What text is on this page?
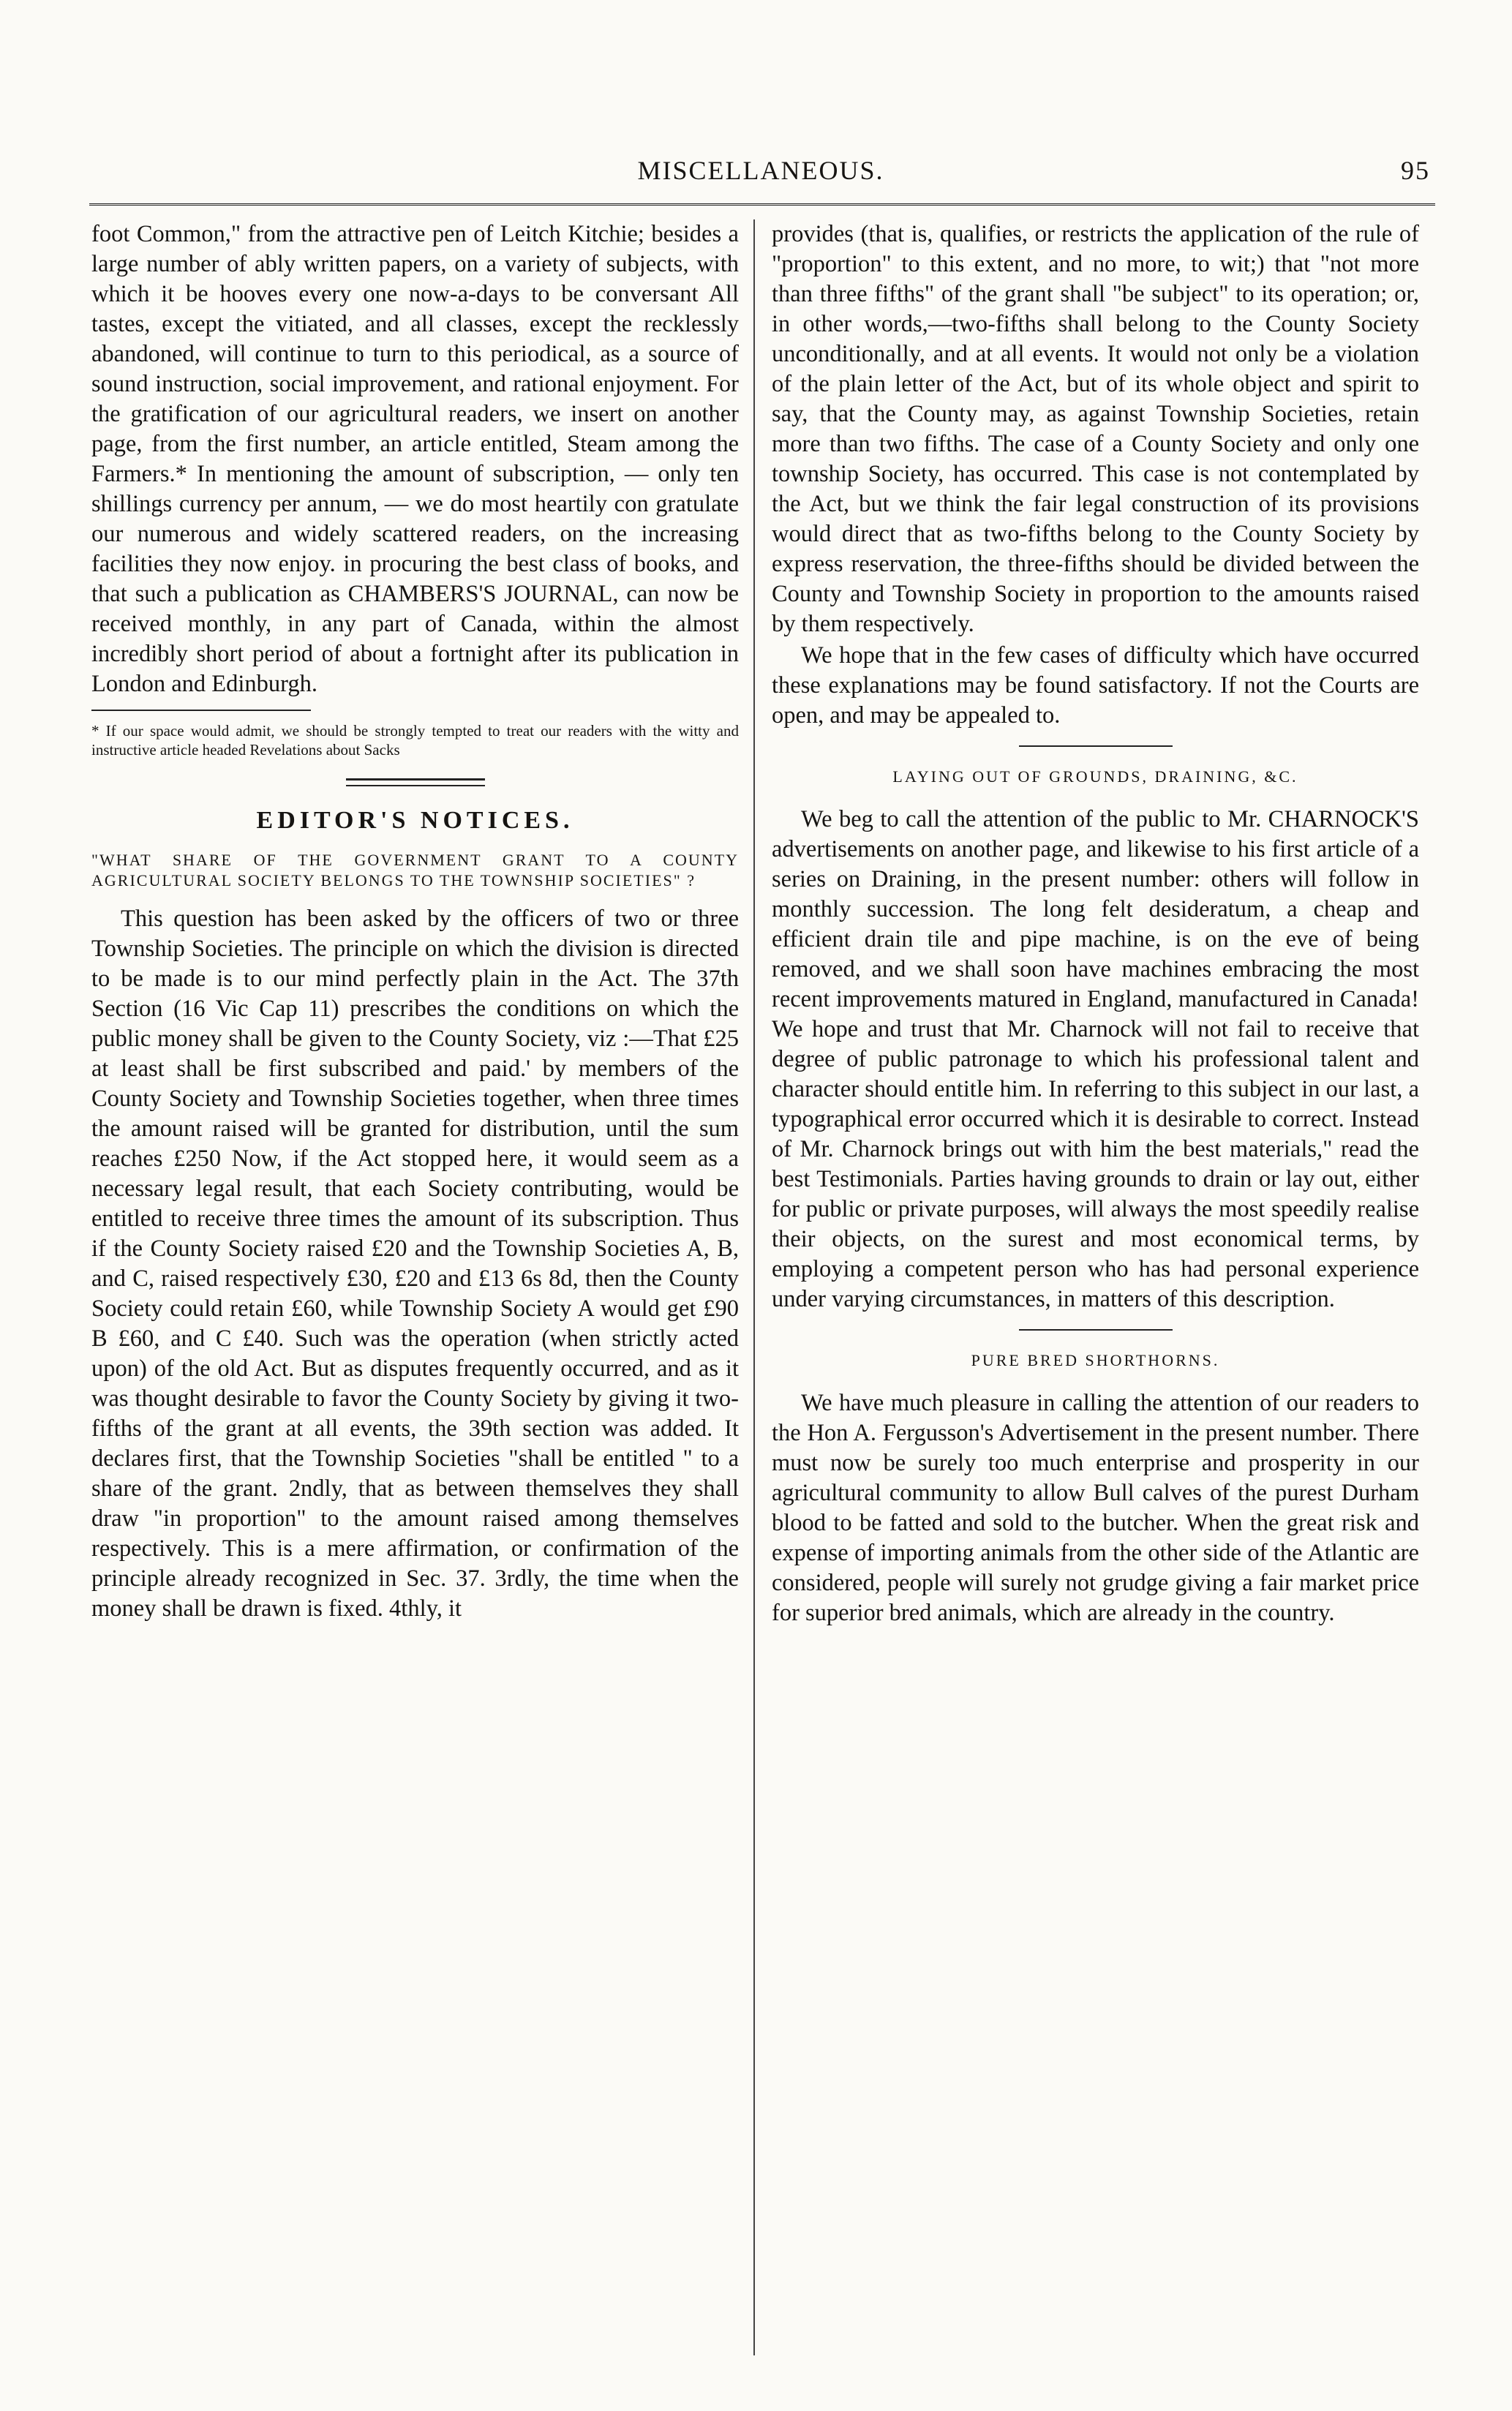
MISCELLANEOUS.	95

foot Common," from the attractive pen of Leitch Kitchie; besides a large number of ably written papers, on a variety of subjects, with which it be hooves every one now-a-days to be conversant All tastes, except the vitiated, and all classes, except the recklessly abandoned, will continue to turn to this periodical, as a source of sound instruction, social improvement, and rational enjoyment. For the gratification of our agricultural readers, we insert on another page, from the first number, an article entitled, Steam among the Farmers.* In mentioning the amount of subscription, — only ten shillings currency per annum, — we do most heartily con gratulate our numerous and widely scattered readers, on the increasing facilities they now enjoy. in procuring the best class of books, and that such a publication as CHAMBERS'S JOURNAL, can now be received monthly, in any part of Canada, within the almost incredibly short period of about a fortnight after its publication in London and Edinburgh.

* If our space would admit, we should be strongly tempted to treat our readers with the witty and instructive article headed Revelations about Sacks
EDITOR'S NOTICES.
"WHAT SHARE OF THE GOVERNMENT GRANT TO A COUNTY AGRICULTURAL SOCIETY BELONGS TO THE TOWNSHIP SOCIETIES" ?

This question has been asked by the officers of two or three Township Societies. The principle on which the division is directed to be made is to our mind perfectly plain in the Act. The 37th Section (16 Vic Cap 11) prescribes the conditions on which the public money shall be given to the County Society, viz :—That £25 at least shall be first subscribed and paid.' by members of the County Society and Township Societies together, when three times the amount raised will be granted for distribution, until the sum reaches £250 Now, if the Act stopped here, it would seem as a necessary legal result, that each Society contributing, would be entitled to receive three times the amount of its subscription. Thus if the County Society raised £20 and the Township Societies A, B, and C, raised respectively £30, £20 and £13 6s 8d, then the County Society could retain £60, while Township Society A would get £90 B £60, and C £40. Such was the operation (when strictly acted upon) of the old Act. But as disputes frequently occurred, and as it was thought desirable to favor the County Society by giving it two-fifths of the grant at all events, the 39th section was added. It declares first, that the Township Societies "shall be entitled " to a share of the grant. 2ndly, that as between themselves they shall draw "in proportion" to the amount raised among themselves respectively. This is a mere affirmation, or confirmation of the principle already recognized in Sec. 37. 3rdly, the time when the money shall be drawn is fixed. 4thly, it

provides (that is, qualifies, or restricts the application of the rule of "proportion" to this extent, and no more, to wit;) that "not more than three fifths" of the grant shall "be subject" to its operation; or, in other words,—two-fifths shall belong to the County Society unconditionally, and at all events. It would not only be a violation of the plain letter of the Act, but of its whole object and spirit to say, that the County may, as against Township Societies, retain more than two fifths. The case of a County Society and only one township Society, has occurred. This case is not contemplated by the Act, but we think the fair legal construction of its provisions would direct that as two-fifths belong to the County Society by express reservation, the three-fifths should be divided between the County and Township Society in proportion to the amounts raised by them respectively.

We hope that in the few cases of difficulty which have occurred these explanations may be found satisfactory. If not the Courts are open, and may be appealed to.

LAYING OUT OF GROUNDS, DRAINING, &C.

We beg to call the attention of the public to Mr. CHARNOCK'S advertisements on another page, and likewise to his first article of a series on Draining, in the present number: others will follow in monthly succession. The long felt desideratum, a cheap and efficient drain tile and pipe machine, is on the eve of being removed, and we shall soon have machines embracing the most recent improvements matured in England, manufactured in Canada! We hope and trust that Mr. Charnock will not fail to receive that degree of public patronage to which his professional talent and character should entitle him. In referring to this subject in our last, a typographical error occurred which it is desirable to correct. Instead of Mr. Charnock brings out with him the best materials," read the best Testimonials. Parties having grounds to drain or lay out, either for public or private purposes, will always the most speedily realise their objects, on the surest and most economical terms, by employing a competent person who has had personal experience under varying circumstances, in matters of this description.

PURE BRED SHORTHORNS.

We have much pleasure in calling the attention of our readers to the Hon A. Fergusson's Advertisement in the present number. There must now be surely too much enterprise and prosperity in our agricultural community to allow Bull calves of the purest Durham blood to be fatted and sold to the butcher. When the great risk and expense of importing animals from the other side of the Atlantic are considered, people will surely not grudge giving a fair market price for superior bred animals, which are already in the country.
